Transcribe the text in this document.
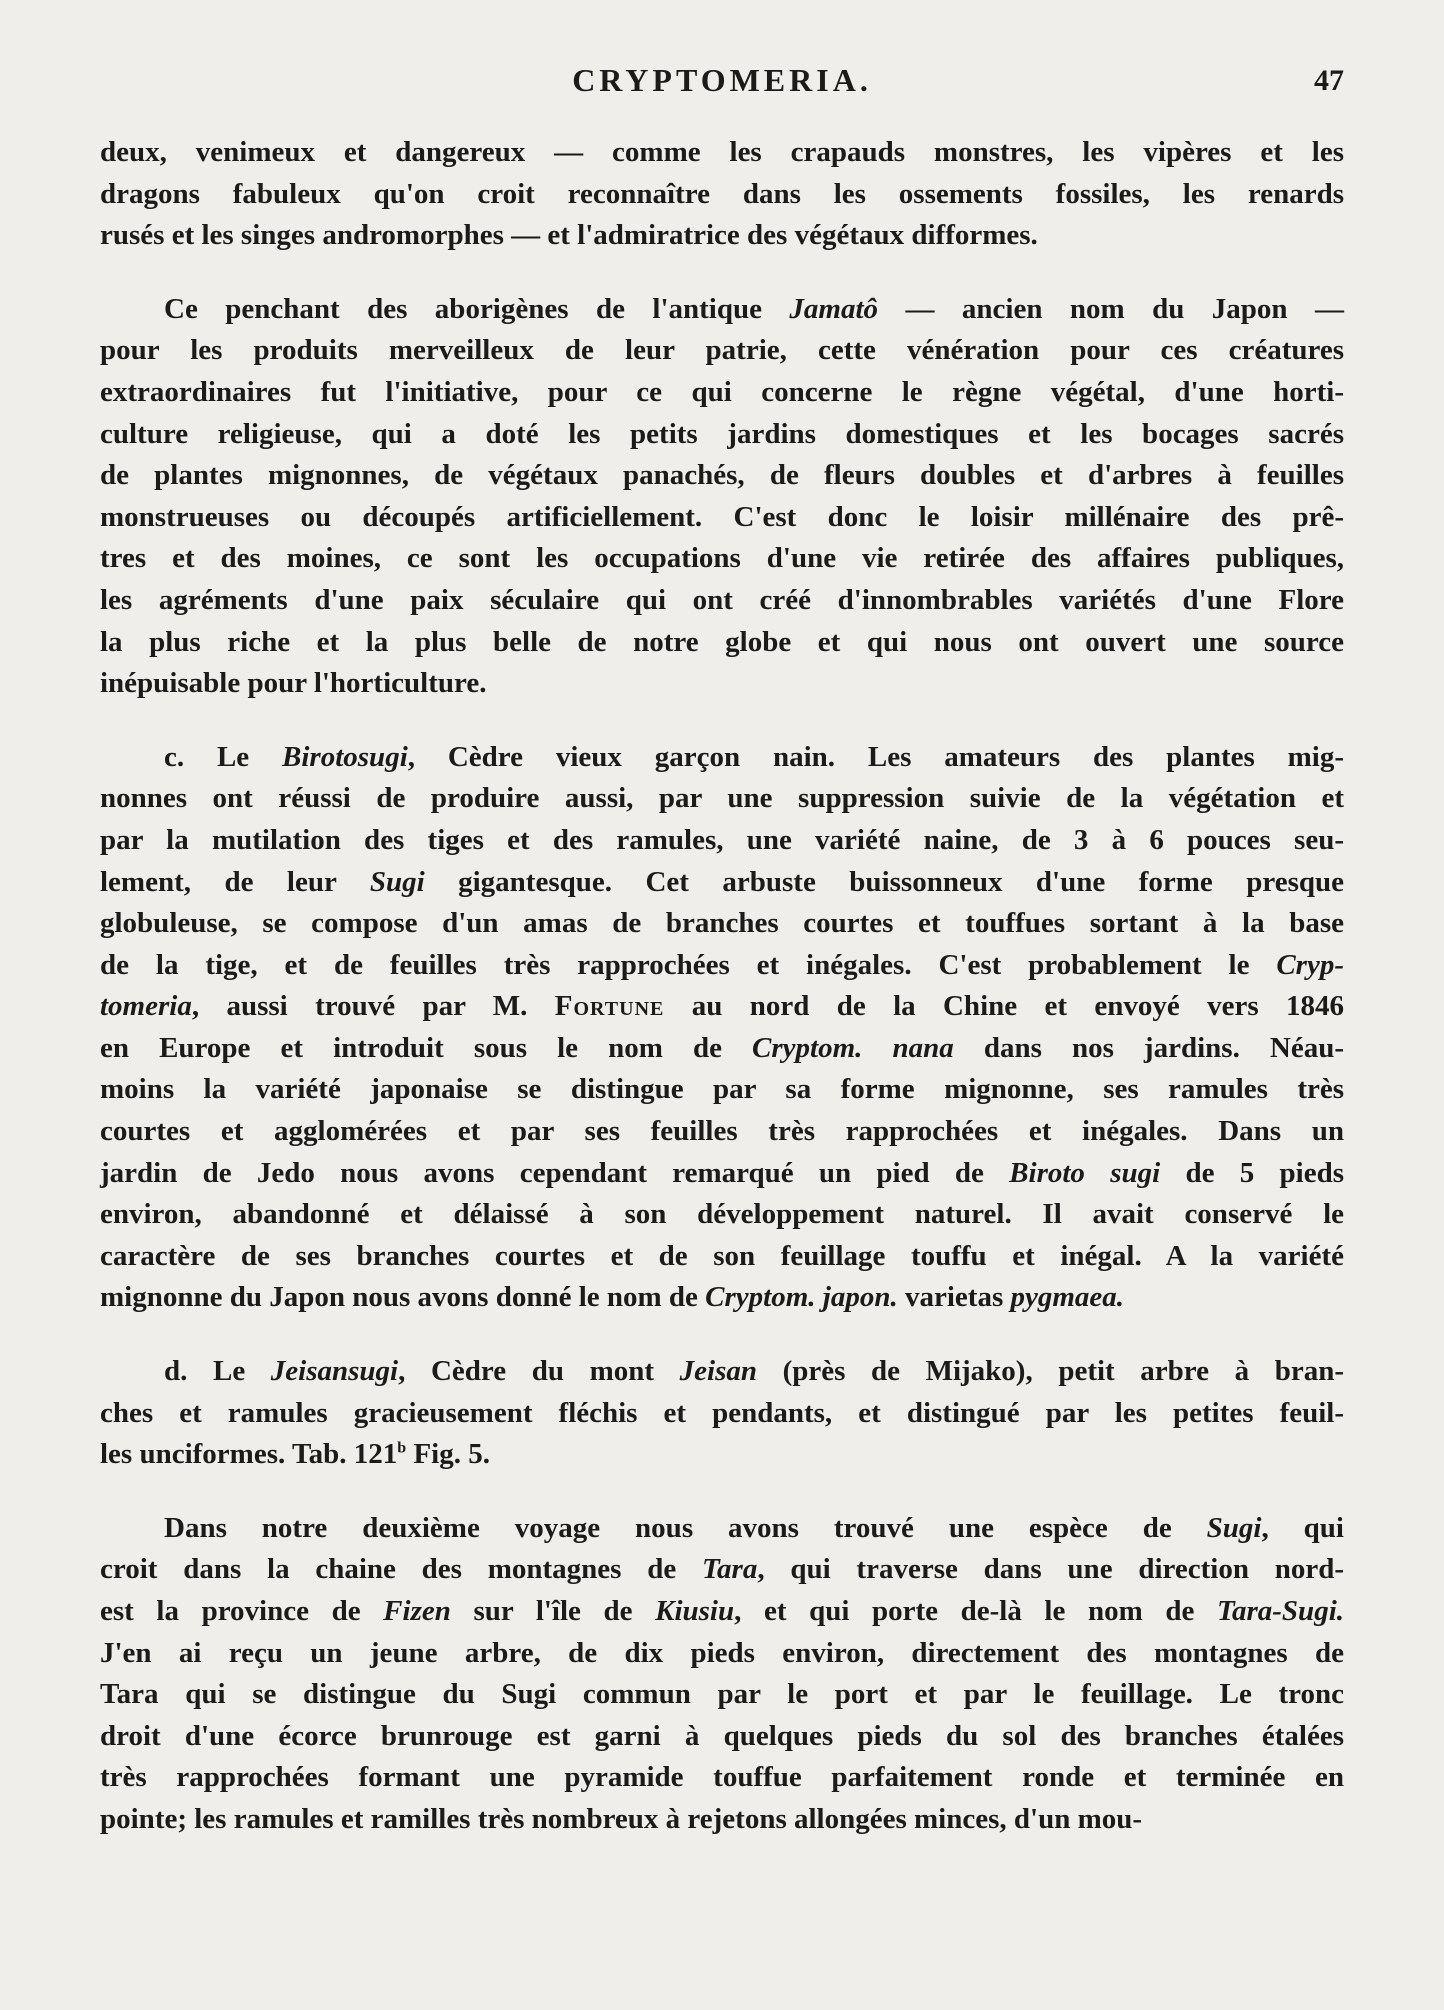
CRYPTOMERIA.	47

deux, venimeux et dangereux — comme les crapauds monstres, les vipères et les
dragons fabuleux qu'on croit reconnaître dans les ossements fossiles, les renards
rusés et les singes andromorphes — et l'admiratrice des végétaux difformes.

Ce penchant des aborigènes de l'antique Jamatô — ancien nom du Japon —
pour les produits merveilleux de leur patrie, cette vénération pour ces créatures
extraordinaires fut l'initiative, pour ce qui concerne le règne végétal, d'une horti-
culture religieuse, qui a doté les petits jardins domestiques et les bocages sacrés
de plantes mignonnes, de végétaux panachés, de fleurs doubles et d'arbres à feuilles
monstrueuses ou découpés artificiellement. C'est donc le loisir millénaire des prê-
tres et des moines, ce sont les occupations d'une vie retirée des affaires publiques,
les agréments d'une paix séculaire qui ont créé d'innombrables variétés d'une Flore
la plus riche et la plus belle de notre globe et qui nous ont ouvert une source
inépuisable pour l'horticulture.

c. Le Birotosugi, Cèdre vieux garçon nain. Les amateurs des plantes mig-
nonnes ont réussi de produire aussi, par une suppression suivie de la végétation et
par la mutilation des tiges et des ramules, une variété naine, de 3 à 6 pouces seu-
lement, de leur Sugi gigantesque. Cet arbuste buissonneux d'une forme presque
globuleuse, se compose d'un amas de branches courtes et touffues sortant à la base
de la tige, et de feuilles très rapprochées et inégales. C'est probablement le Cryp-
tomeria, aussi trouvé par M. Fortune au nord de la Chine et envoyé vers 1846
en Europe et introduit sous le nom de Cryptom. nana dans nos jardins. Néau-
moins la variété japonaise se distingue par sa forme mignonne, ses ramules très
courtes et agglomérées et par ses feuilles très rapprochées et inégales. Dans un
jardin de Jedo nous avons cependant remarqué un pied de Biroto sugi de 5 pieds
environ, abandonné et délaissé à son développement naturel. Il avait conservé le
caractère de ses branches courtes et de son feuillage touffu et inégal. A la variété
mignonne du Japon nous avons donné le nom de Cryptom. japon. varietas pygmaea.

d. Le Jeisansugi, Cèdre du mont Jeisan (près de Mijako), petit arbre à bran-
ches et ramules gracieusement fléchis et pendants, et distingué par les petites feuil-
les unciformes. Tab. 121$^b$ Fig. 5.

Dans notre deuxième voyage nous avons trouvé une espèce de Sugi, qui
croit dans la chaine des montagnes de Tara, qui traverse dans une direction nord-
est la province de Fizen sur l'île de Kiusiu, et qui porte de-là le nom de Tara-Sugi.
J'en ai reçu un jeune arbre, de dix pieds environ, directement des montagnes de
Tara qui se distingue du Sugi commun par le port et par le feuillage. Le tronc
droit d'une écorce brunrouge est garni à quelques pieds du sol des branches étalées
très rapprochées formant une pyramide touffue parfaitement ronde et terminée en
pointe; les ramules et ramilles très nombreux à rejetons allongées minces, d'un mou-
